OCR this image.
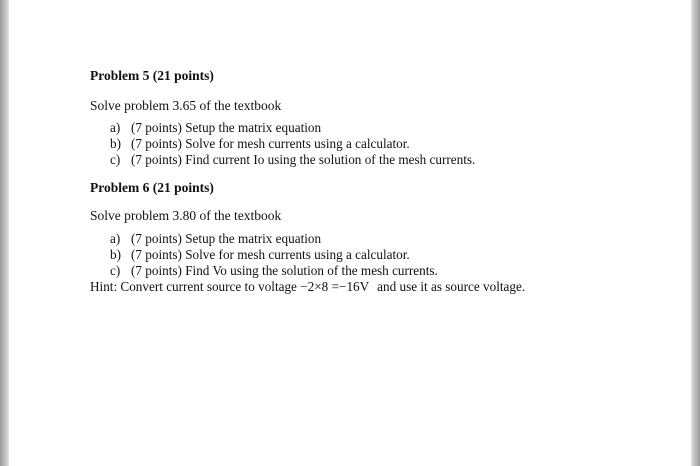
Problem 5 (21 points)
Solve problem 3.65 of the textbook
a) (7 points) Setup the matrix equation
b) (7 points) Solve for mesh currents using a calculator.
c) (7 points) Find current Io using the solution of the mesh currents.
Problem 6 (21 points)
Solve problem 3.80 of the textbook
a) (7 points) Setup the matrix equation
b) (7 points) Solve for mesh currents using a calculator.
c) (7 points) Find Vo using the solution of the mesh currents.
Hint: Convert current source to voltage −2×8 =−16V and use it as source voltage.
